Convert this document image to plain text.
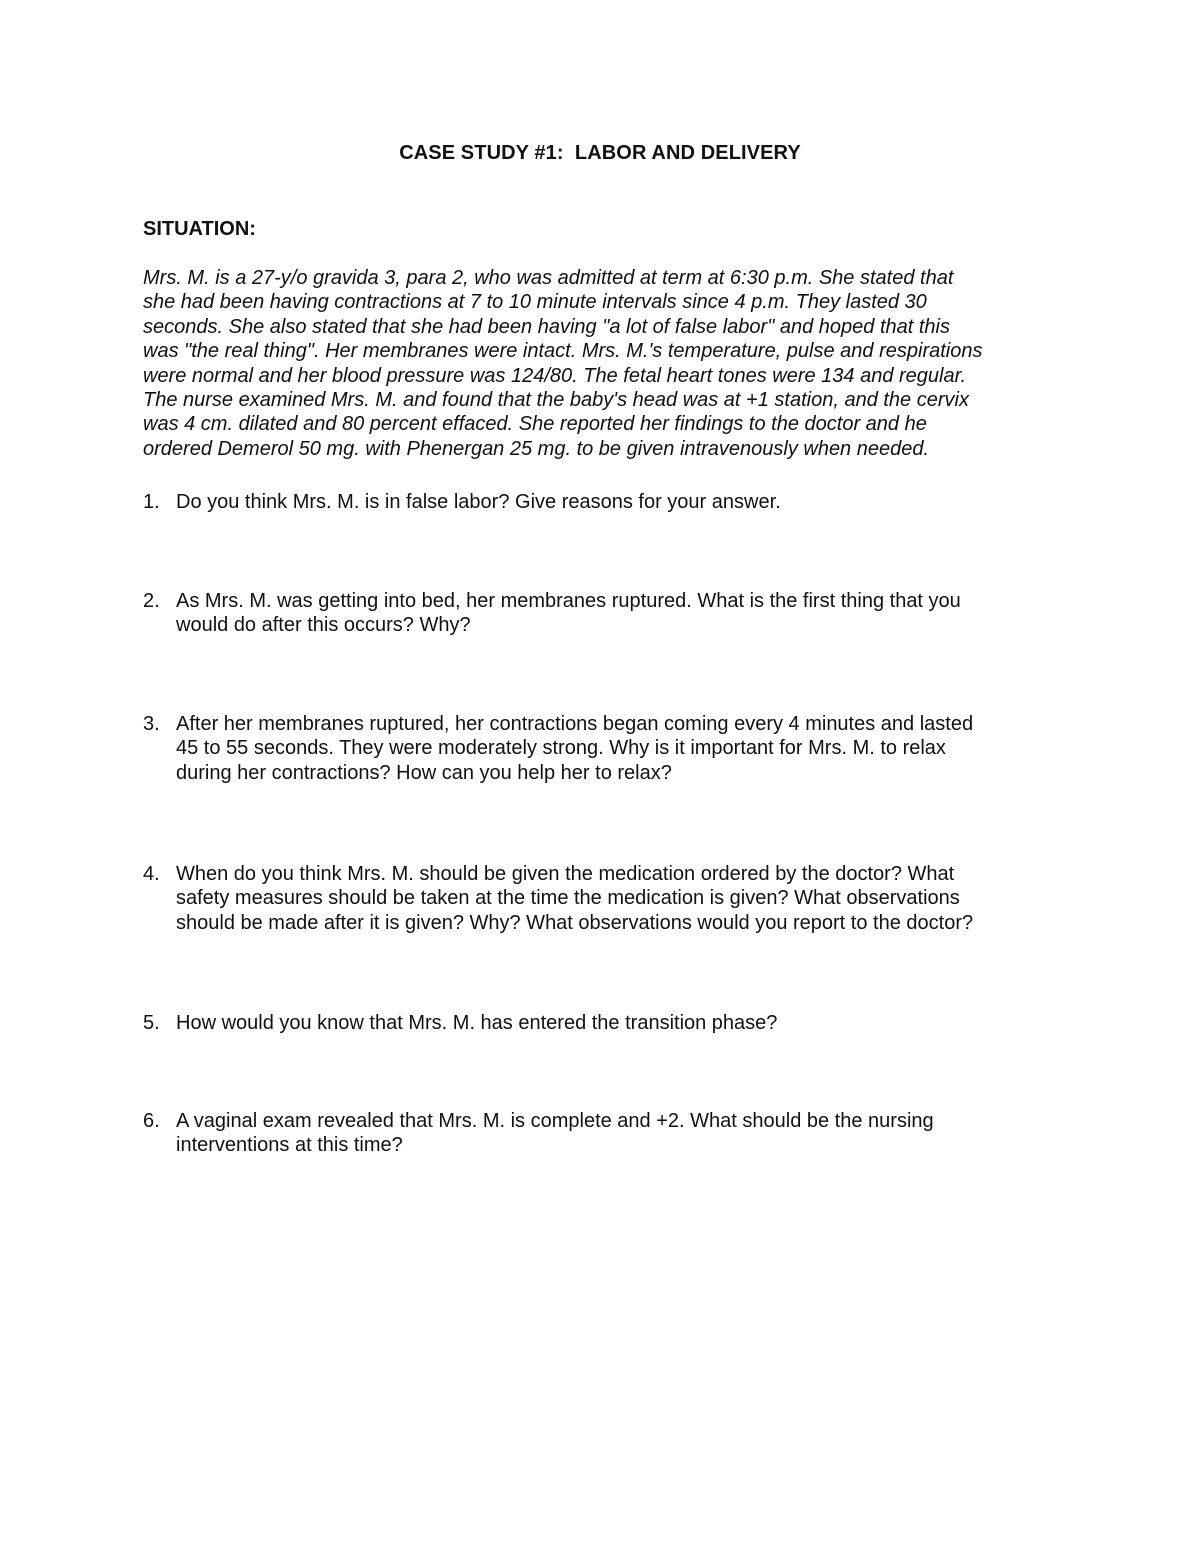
CASE STUDY #1:  LABOR AND DELIVERY
SITUATION:
Mrs. M. is a 27-y/o gravida 3, para 2, who was admitted at term at 6:30 p.m. She stated that
she had been having contractions at 7 to 10 minute intervals since 4 p.m. They lasted 30
seconds. She also stated that she had been having "a lot of false labor" and hoped that this
was "the real thing". Her membranes were intact. Mrs. M.'s temperature, pulse and respirations
were normal and her blood pressure was 124/80. The fetal heart tones were 134 and regular.
The nurse examined Mrs. M. and found that the baby's head was at +1 station, and the cervix
was 4 cm. dilated and 80 percent effaced. She reported her findings to the doctor and he
ordered Demerol 50 mg. with Phenergan 25 mg. to be given intravenously when needed.
1. Do you think Mrs. M. is in false labor? Give reasons for your answer.
2. As Mrs. M. was getting into bed, her membranes ruptured. What is the first thing that you
would do after this occurs? Why?
3. After her membranes ruptured, her contractions began coming every 4 minutes and lasted
45 to 55 seconds. They were moderately strong. Why is it important for Mrs. M. to relax
during her contractions? How can you help her to relax?
4. When do you think Mrs. M. should be given the medication ordered by the doctor? What
safety measures should be taken at the time the medication is given? What observations
should be made after it is given? Why? What observations would you report to the doctor?
5. How would you know that Mrs. M. has entered the transition phase?
6. A vaginal exam revealed that Mrs. M. is complete and +2. What should be the nursing
interventions at this time?
